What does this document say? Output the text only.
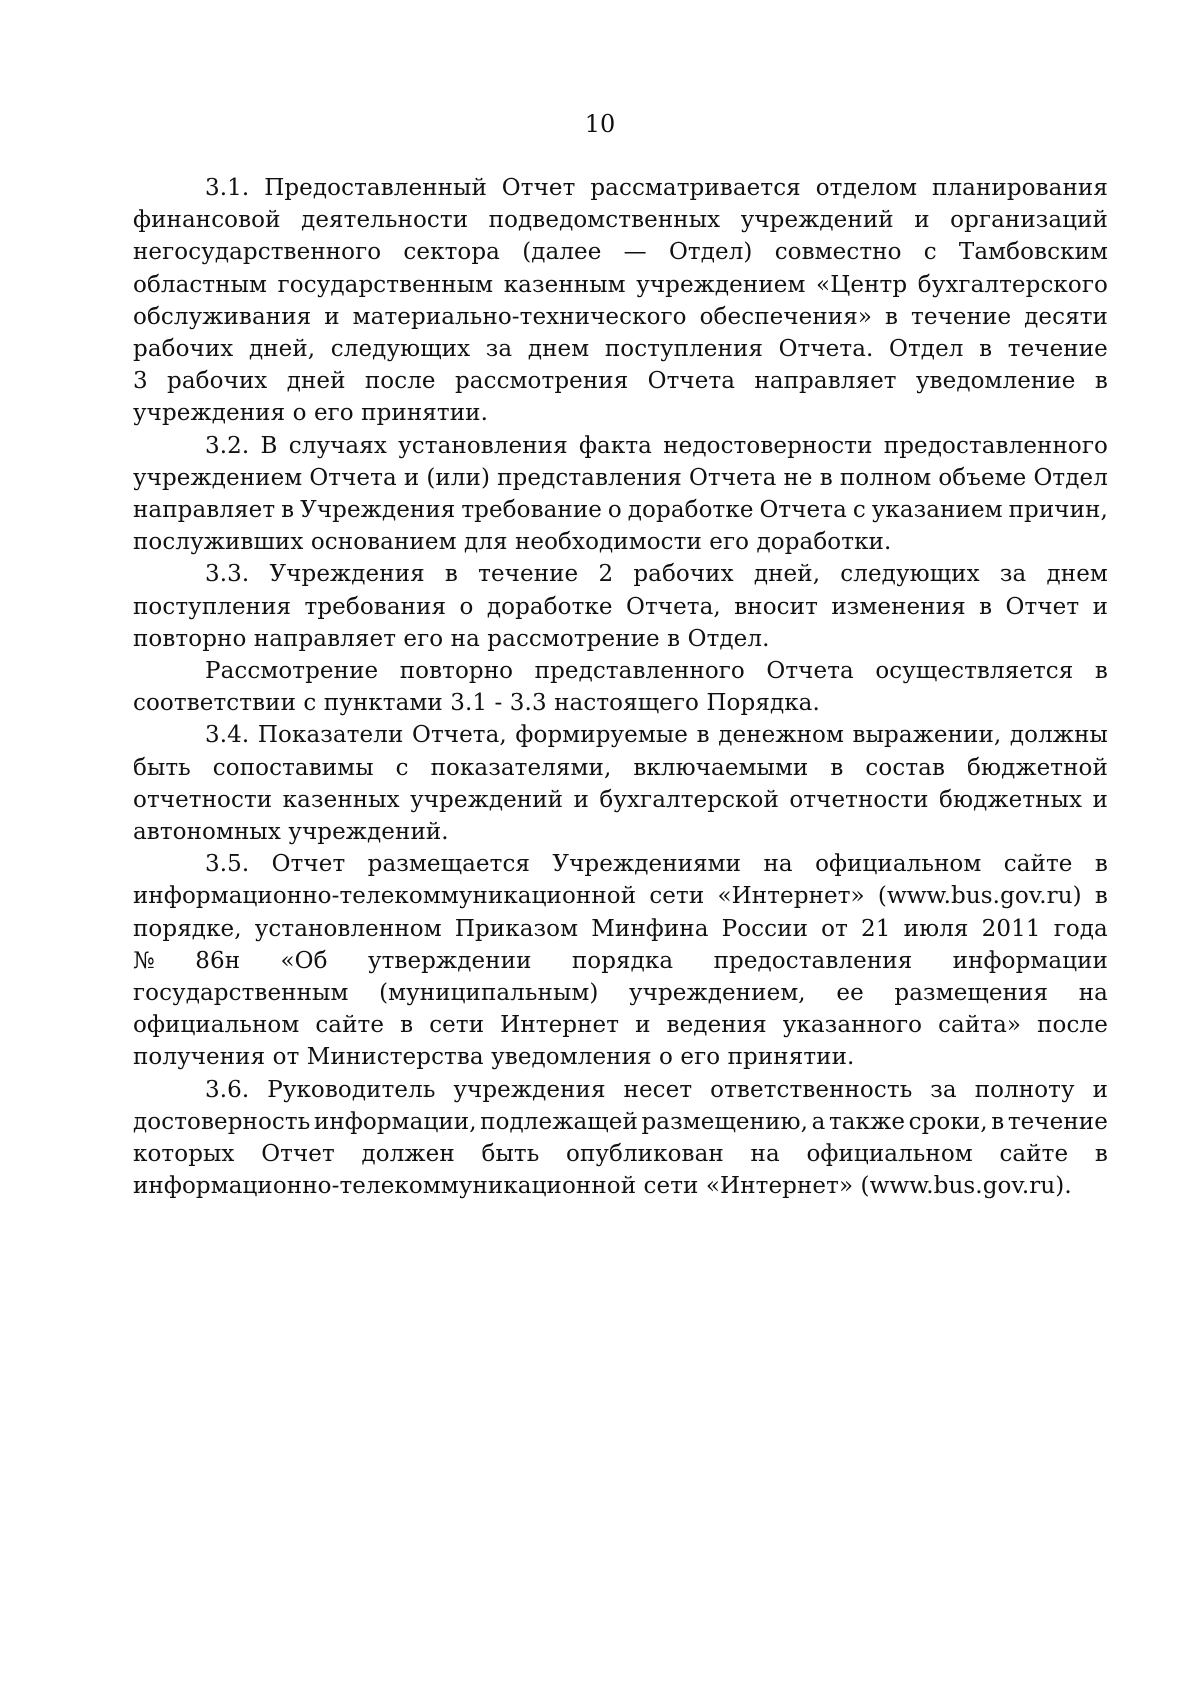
10

3.1. Предоставленный Отчет рассматривается отделом планирования
финансовой деятельности подведомственных учреждений и организаций
негосударственного сектора (далее — Отдел) совместно с Тамбовским
областным государственным казенным учреждением «Центр бухгалтерского
обслуживания и материально-технического обеспечения» в течение десяти
рабочих дней, следующих за днем поступления Отчета. Отдел в течение
3 рабочих дней после рассмотрения Отчета направляет уведомление в
учреждения о его принятии.

3.2. В случаях установления факта недостоверности предоставленного
учреждением Отчета и (или) представления Отчета не в полном объеме Отдел
направляет в Учреждения требование о доработке Отчета с указанием причин,
послуживших основанием для необходимости его доработки.

3.3. Учреждения в течение 2 рабочих дней, следующих за днем
поступления требования о доработке Отчета, вносит изменения в Отчет и
повторно направляет его на рассмотрение в Отдел.

Рассмотрение повторно представленного Отчета осуществляется в
соответствии с пунктами 3.1 - 3.3 настоящего Порядка.

3.4. Показатели Отчета, формируемые в денежном выражении, должны
быть сопоставимы с показателями, включаемыми в состав бюджетной
отчетности казенных учреждений и бухгалтерской отчетности бюджетных и
автономных учреждений.

3.5. Отчет размещается Учреждениями на официальном сайте в
информационно-телекоммуникационной сети «Интернет» (www.bus.gov.ru) в
порядке, установленном Приказом Минфина России от 21 июля 2011 года
№ 86н «Об утверждении порядка предоставления информации
государственным (муниципальным) учреждением, ее размещения на
официальном сайте в сети Интернет и ведения указанного сайта» после
получения от Министерства уведомления о его принятии.

3.6. Руководитель учреждения несет ответственность за полноту и
достоверность информации, подлежащей размещению, а также сроки, в течение
которых Отчет должен быть опубликован на официальном сайте в
информационно-телекоммуникационной сети «Интернет» (www.bus.gov.ru).
